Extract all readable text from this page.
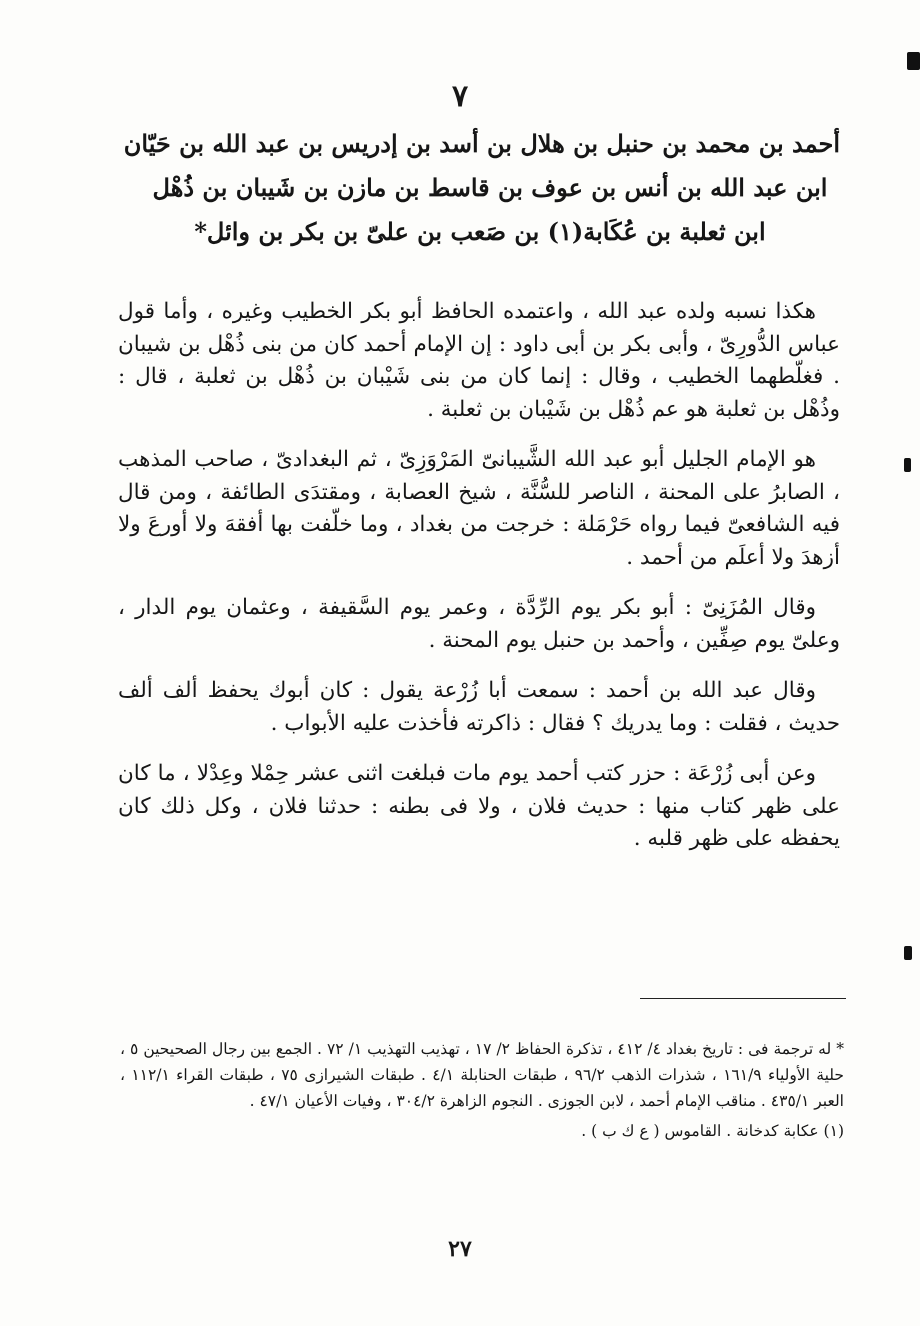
٧
أحمد بن محمد بن حنبل بن هلال بن أسد بن إدريس بن عبد الله بن حَيّان
ابن عبد الله بن أنس بن عوف بن قاسط بن مازن بن شَيبان بن ذُهْل
ابن ثعلبة بن عُكَابة(١) بن صَعب بن علىّ بن بكر بن وائل*

هكذا نسبه ولده عبد الله ، واعتمده الحافظ أبو بكر الخطيب وغيره ، وأما قول عباس الدُّورِىّ ، وأبى بكر بن أبى داود : إن الإمام أحمد كان من بنى ذُهْل بن شيبان . فغلّطهما الخطيب ، وقال : إنما كان من بنى شَيْبان بن ذُهْل بن ثعلبة ، قال : وذُهْل بن ثعلبة هو عم ذُهْل بن شَيْبان بن ثعلبة .

هو الإمام الجليل أبو عبد الله الشَّيبانىّ المَرْوَزِىّ ، ثم البغدادىّ ، صاحب المذهب ، الصابرُ على المحنة ، الناصر للسُّنَّة ، شيخ العصابة ، ومقتدَى الطائفة ، ومن قال فيه الشافعىّ فيما رواه حَرْمَلة : خرجت من بغداد ، وما خلّفت بها أفقهَ ولا أورعَ ولا أزهدَ ولا أعلَم من أحمد .

وقال المُزَنِىّ : أبو بكر يوم الرِّدَّة ، وعمر يوم السَّقيفة ، وعثمان يوم الدار ، وعلىّ يوم صِفِّين ، وأحمد بن حنبل يوم المحنة .

وقال عبد الله بن أحمد : سمعت أبا زُرْعة يقول : كان أبوك يحفظ ألف ألف حديث ، فقلت : وما يدريك ؟ فقال : ذاكرته فأخذت عليه الأبواب .

وعن أبى زُرْعَة : حزر كتب أحمد يوم مات فبلغت اثنى عشر حِمْلا وعِدْلا ، ما كان على ظهر كتاب منها : حديث فلان ، ولا فى بطنه : حدثنا فلان ، وكل ذلك كان يحفظه على ظهر قلبه .

* له ترجمة فى : تاريخ بغداد ٤/ ٤١٢ ، تذكرة الحفاظ ٢/ ١٧ ، تهذيب التهذيب ١/ ٧٢ . الجمع بين رجال الصحيحين ٥ ، حلية الأولياء ١٦١/٩ ، شذرات الذهب ٩٦/٢ ، طبقات الحنابلة ٤/١ . طبقات الشيرازى ٧٥ ، طبقات القراء ١١٢/١ ، العبر ٤٣٥/١ . مناقب الإمام أحمد ، لابن الجوزى . النجوم الزاهرة ٣٠٤/٢ ، وفيات الأعيان ٤٧/١ .

(١) عكابة كدخانة . القاموس ( ع ك ب ) .

٢٧
